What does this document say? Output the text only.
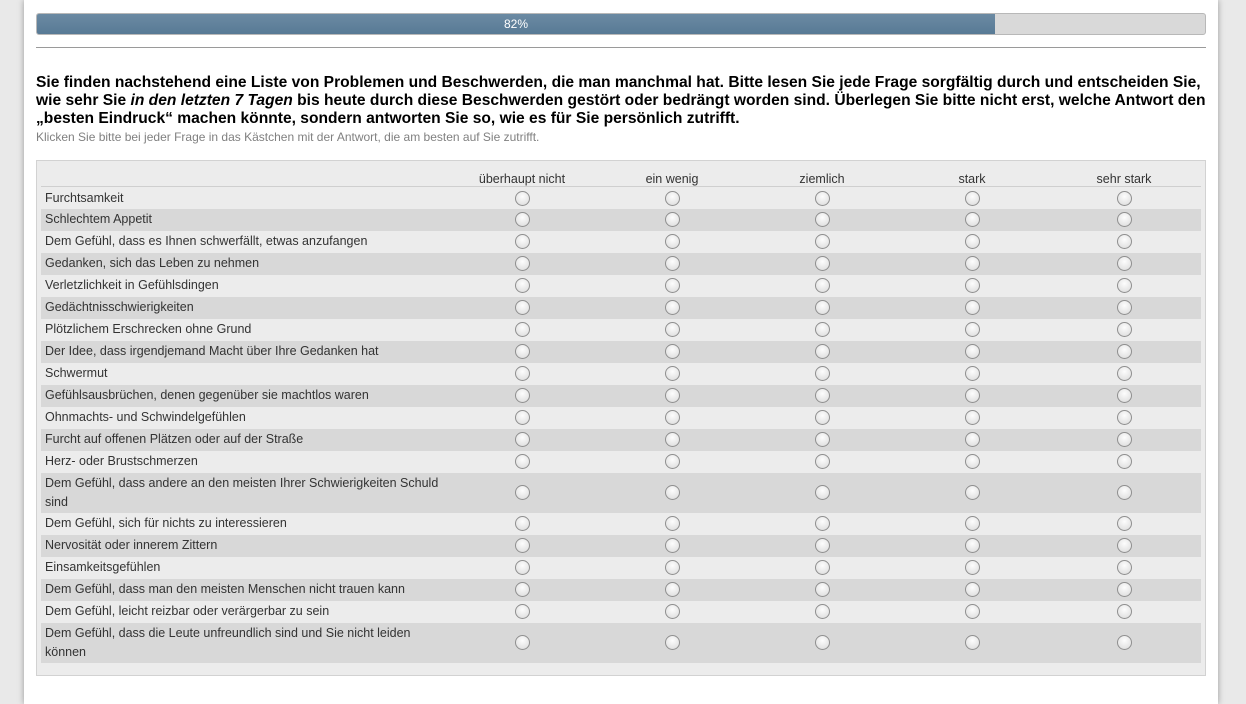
82%
Sie finden nachstehend eine Liste von Problemen und Beschwerden, die man manchmal hat. Bitte lesen Sie jede Frage sorgfältig durch und entscheiden Sie, wie sehr Sie in den letzten 7 Tagen bis heute durch diese Beschwerden gestört oder bedrängt worden sind. Überlegen Sie bitte nicht erst, welche Antwort den „besten Eindruck“ machen könnte, sondern antworten Sie so, wie es für Sie persönlich zutrifft.
Klicken Sie bitte bei jeder Frage in das Kästchen mit der Antwort, die am besten auf Sie zutrifft.
	überhaupt nicht	ein wenig	ziemlich	stark	sehr stark
Furchtsamkeit					
Schlechtem Appetit					
Dem Gefühl, dass es Ihnen schwerfällt, etwas anzufangen					
Gedanken, sich das Leben zu nehmen					
Verletzlichkeit in Gefühlsdingen					
Gedächtnisschwierigkeiten					
Plötzlichem Erschrecken ohne Grund					
Der Idee, dass irgendjemand Macht über Ihre Gedanken hat					
Schwermut					
Gefühlsausbrüchen, denen gegenüber sie machtlos waren					
Ohnmachts- und Schwindelgefühlen					
Furcht auf offenen Plätzen oder auf der Straße					
Herz- oder Brustschmerzen					
Dem Gefühl, dass andere an den meisten Ihrer Schwierigkeiten Schuld sind					
Dem Gefühl, sich für nichts zu interessieren					
Nervosität oder innerem Zittern					
Einsamkeitsgefühlen					
Dem Gefühl, dass man den meisten Menschen nicht trauen kann					
Dem Gefühl, leicht reizbar oder verärgerbar zu sein					
Dem Gefühl, dass die Leute unfreundlich sind und Sie nicht leiden können					
